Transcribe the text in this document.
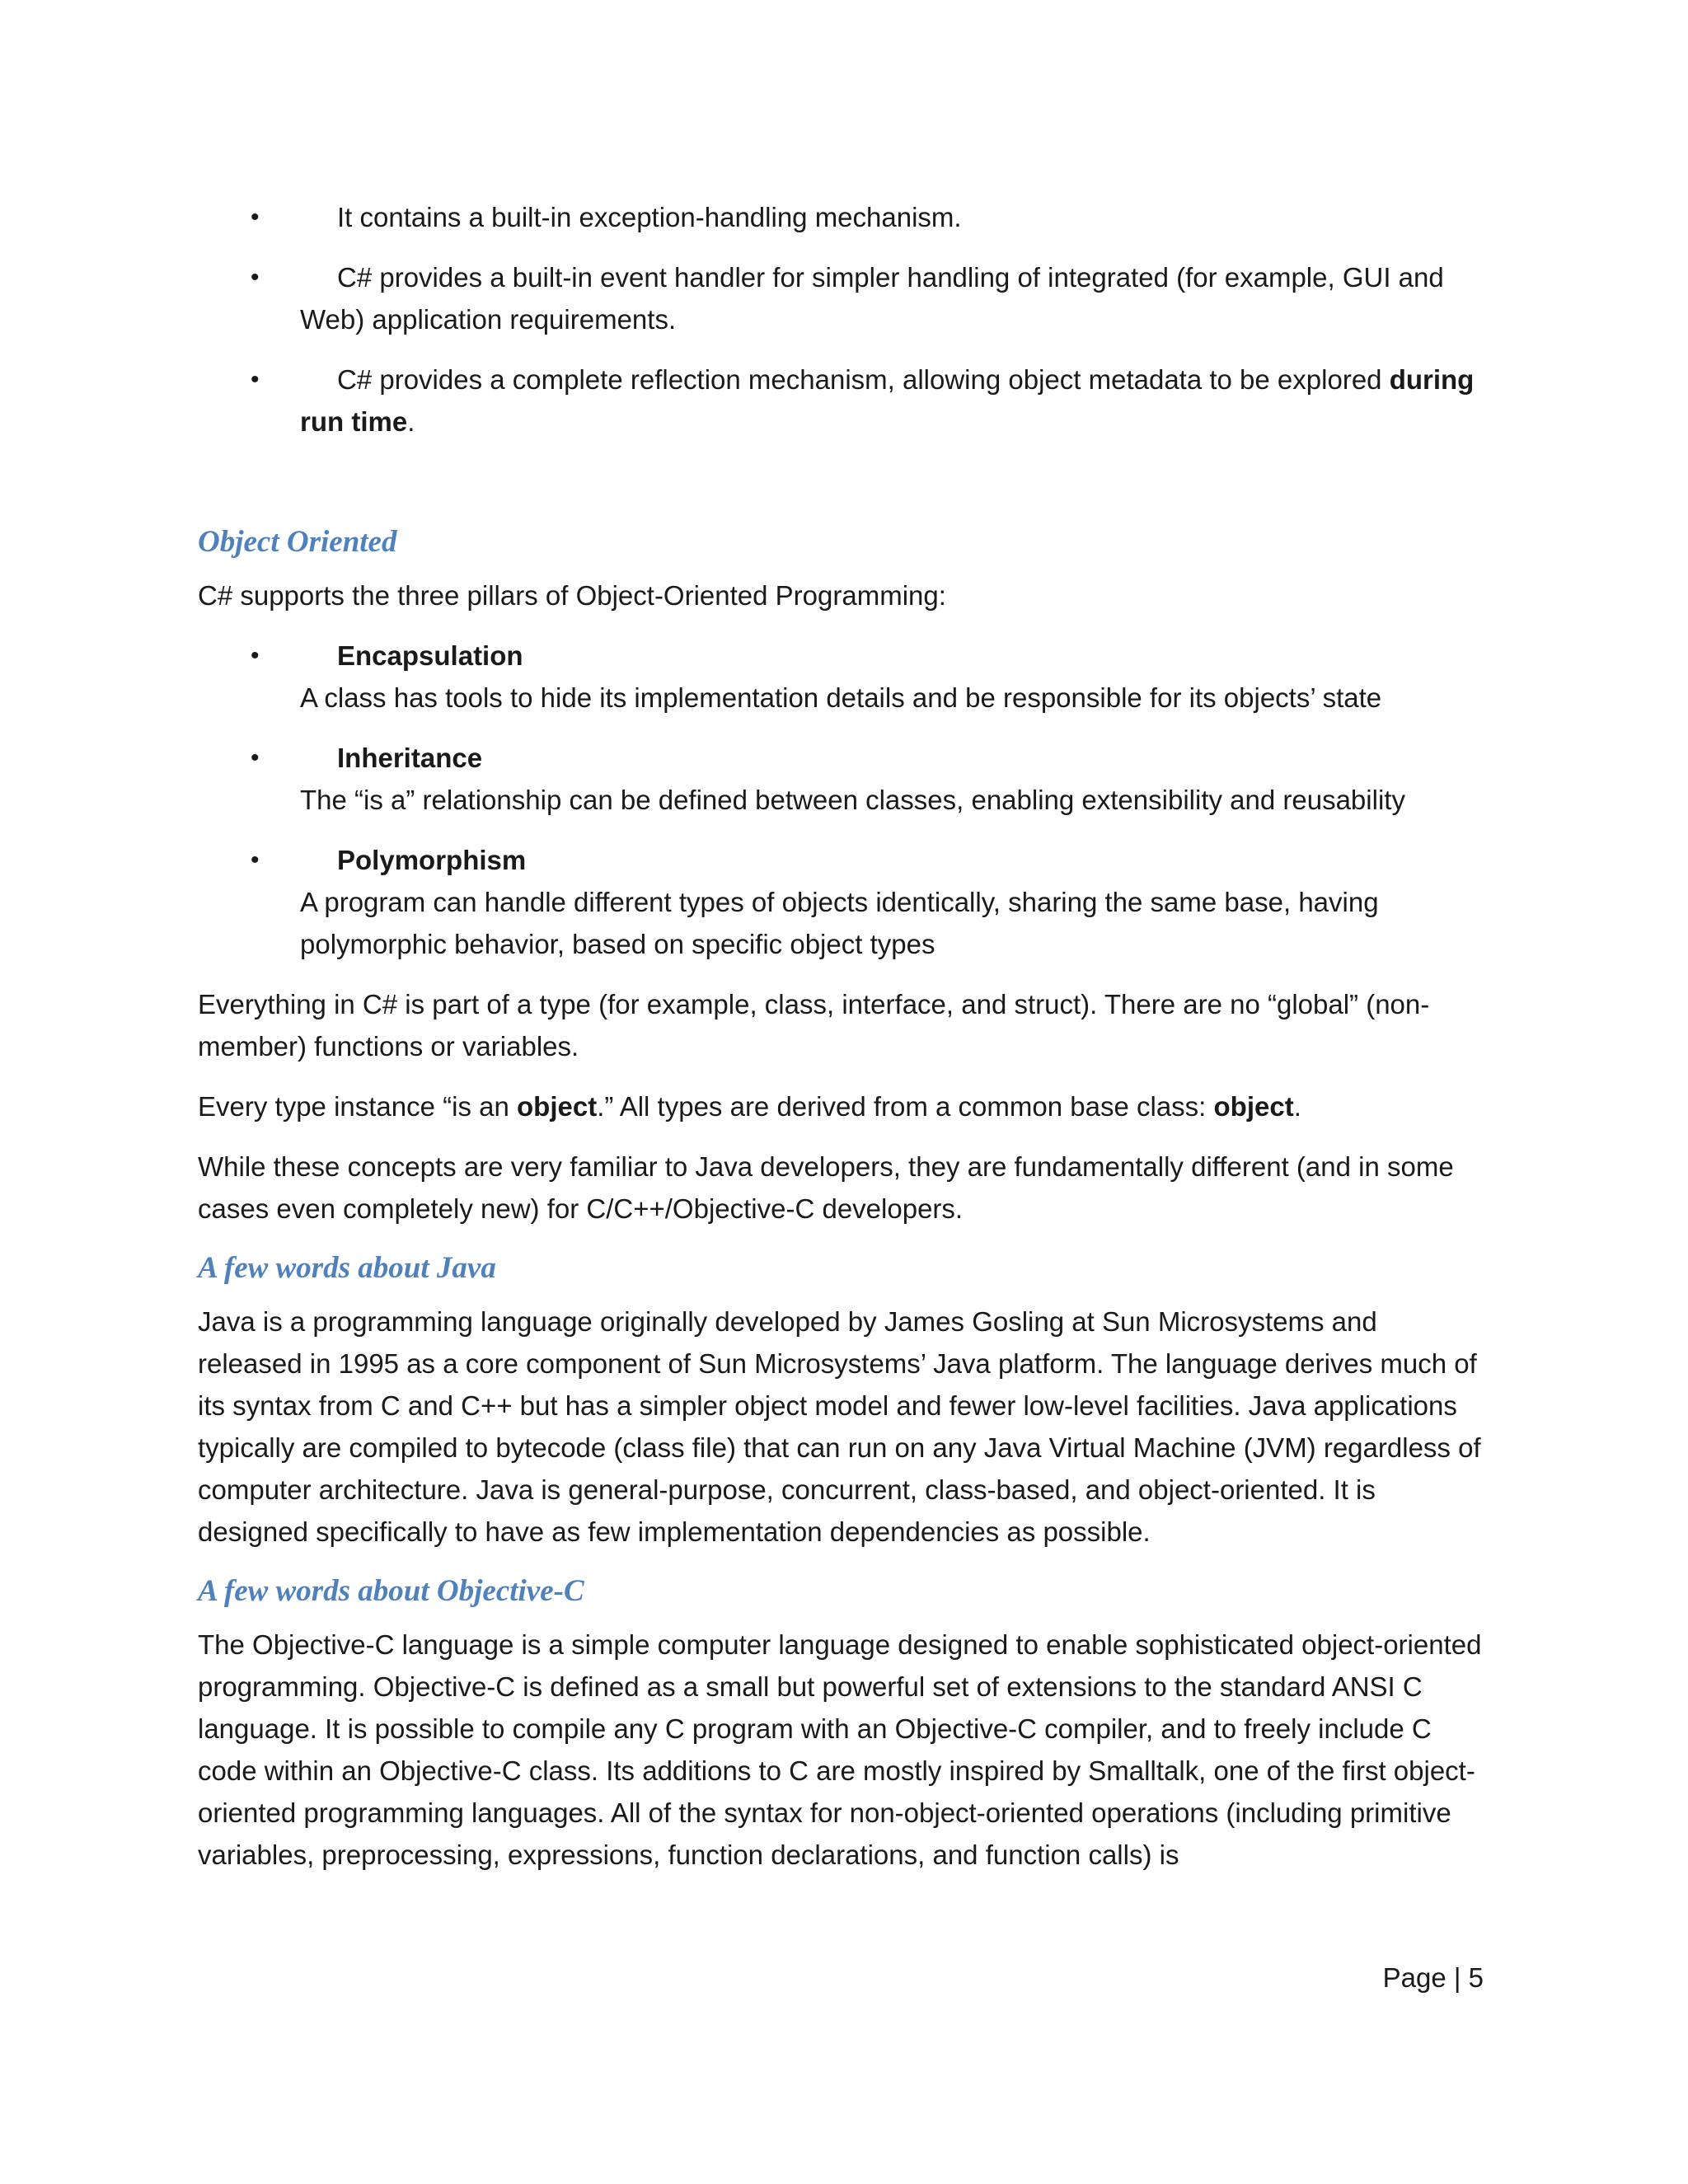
•	It contains a built-in exception-handling mechanism.
•	C# provides a built-in event handler for simpler handling of integrated (for example, GUI and Web) application requirements.
•	C# provides a complete reflection mechanism, allowing object metadata to be explored during run time.
Object Oriented

C# supports the three pillars of Object-Oriented Programming:

•	Encapsulation
A class has tools to hide its implementation details and be responsible for its objects’ state
•	Inheritance
The “is a” relationship can be defined between classes, enabling extensibility and reusability
•	Polymorphism
A program can handle different types of objects identically, sharing the same base, having polymorphic behavior, based on specific object types

Everything in C# is part of a type (for example, class, interface, and struct). There are no “global” (non-member) functions or variables.

Every type instance “is an object.” All types are derived from a common base class: object.

While these concepts are very familiar to Java developers, they are fundamentally different (and in some cases even completely new) for C/C++/Objective-C developers.

A few words about Java

Java is a programming language originally developed by James Gosling at Sun Microsystems and released in 1995 as a core component of Sun Microsystems’ Java platform. The language derives much of its syntax from C and C++ but has a simpler object model and fewer low-level facilities. Java applications typically are compiled to bytecode (class file) that can run on any Java Virtual Machine (JVM) regardless of computer architecture. Java is general-purpose, concurrent, class-based, and object-oriented. It is designed specifically to have as few implementation dependencies as possible.

A few words about Objective-C

The Objective-C language is a simple computer language designed to enable sophisticated object-oriented programming. Objective-C is defined as a small but powerful set of extensions to the standard ANSI C language. It is possible to compile any C program with an Objective-C compiler, and to freely include C code within an Objective-C class. Its additions to C are mostly inspired by Smalltalk, one of the first object-oriented programming languages. All of the syntax for non-object-oriented operations (including primitive variables, preprocessing, expressions, function declarations, and function calls) is

Page | 5
